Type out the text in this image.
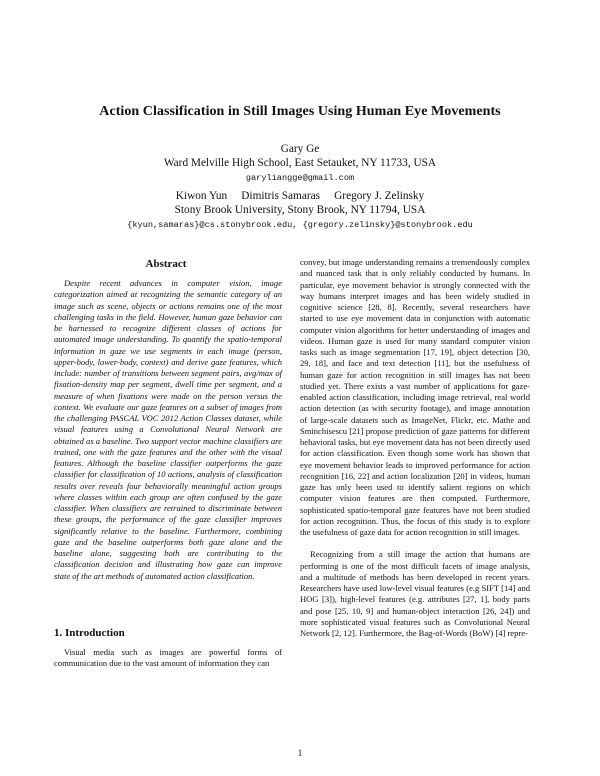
Action Classification in Still Images Using Human Eye Movements
Gary Ge
Ward Melville High School, East Setauket, NY 11733, USA
garyliangge@gmail.com
Kiwon Yun     Dimitris Samaras     Gregory J. Zelinsky
Stony Brook University, Stony Brook, NY 11794, USA
{kyun,samaras}@cs.stonybrook.edu, {gregory.zelinsky}@stonybrook.edu
Abstract

Despite recent advances in computer vision, image categorization aimed at recognizing the semantic category of an image such as scene, objects or actions remains one of the most challenging tasks in the field. However, human gaze behavior can be harnessed to recognize different classes of actions for automated image understanding. To quantify the spatio-temporal information in gaze we use segments in each image (person, upper-body, lower-body, context) and derive gaze features, which include: number of transitions between segment pairs, avg/max of fixation-density map per segment, dwell time per segment, and a measure of when fixations were made on the person versus the context. We evaluate our gaze features on a subset of images from the challenging PASCAL VOC 2012 Action Classes dataset, while visual features using a Convolutional Neural Network are obtained as a baseline. Two support vector machine classifiers are trained, one with the gaze features and the other with the visual features. Although the baseline classifier outperforms the gaze classifier for classification of 10 actions, analysis of classification results over reveals four behaviorally meaningful action groups where classes within each group are often confused by the gaze classifier. When classifiers are retrained to discriminate between these groups, the performance of the gaze classifier improves significantly relative to the baseline. Furthermore, combining gaze and the baseline outperforms both gaze alone and the baseline alone, suggesting both are contributing to the classification decision and illustrating how gaze can improve state of the art methods of automated action classification.

1. Introduction

Visual media such as images are powerful forms of communication due to the vast amount of information they can

convey, but image understanding remains a tremendously complex and nuanced task that is only reliably conducted by humans. In particular, eye movement behavior is strongly connected with the way humans interpret images and has been widely studied in cognitive science [28, 8]. Recently, several researchers have started to use eye movement data in conjunction with automatic computer vision algorithms for better understanding of images and videos. Human gaze is used for many standard computer vision tasks such as image segmentation [17, 19], object detection [30, 29, 18], and face and text detection [11], but the usefulness of human gaze for action recognition in still images has not been studied yet. There exists a vast number of applications for gaze-enabled action classification, including image retrieval, real world action detection (as with security footage), and image annotation of large-scale datasets such as ImageNet, Flickr, etc. Mathe and Sminchisescu [21] propose prediction of gaze patterns for different behavioral tasks, but eye movement data has not been directly used for action classification. Even though some work has shown that eye movement behavior leads to improved performance for action recognition [16, 22] and action localization [20] in videos, human gaze has only been used to identify salient regions on which computer vision features are then computed. Furthermore, sophisticated spatio-temporal gaze features have not been studied for action recognition. Thus, the focus of this study is to explore the usefulness of gaze data for action recognition in still images.

Recognizing from a still image the action that humans are performing is one of the most difficult facets of image analysis, and a multitude of methods has been developed in recent years. Researchers have used low-level visual features (e.g SIFT [14] and HOG [3]), high-level features (e.g. attributes [27, 1], body parts and pose [25, 10, 9] and human-object interaction [26, 24]) and more sophisticated visual features such as Convolutional Neural Network [2, 12]. Furthermore, the Bag-of-Words (BoW) [4] repre-

1
